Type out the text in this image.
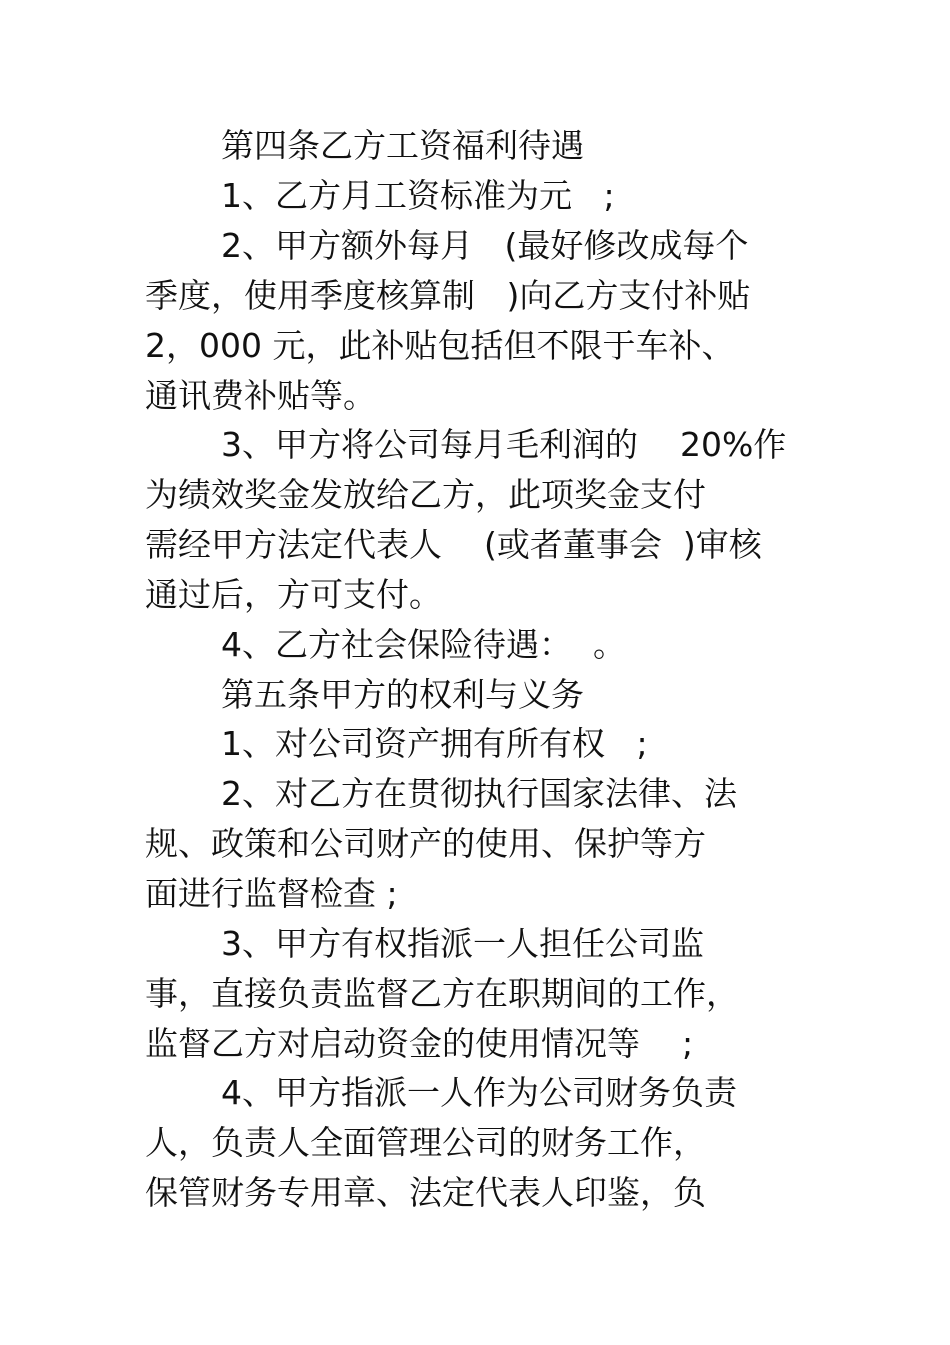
第四条乙方工资福利待遇
1、乙方月工资标准为元   ;
2、甲方额外每月   (最好修改成每个
季度，使用季度核算制   )向乙方支付补贴
2，000 元，此补贴包括但不限于车补、
通讯费补贴等。
3、甲方将公司每月毛利润的    20%作
为绩效奖金发放给乙方，此项奖金支付
需经甲方法定代表人    (或者董事会  )审核
通过后，方可支付。
4、乙方社会保险待遇：  。
第五条甲方的权利与义务
1、对公司资产拥有所有权   ;
2、对乙方在贯彻执行国家法律、法
规、政策和公司财产的使用、保护等方
面进行监督检查 ;
3、甲方有权指派一人担任公司监
事，直接负责监督乙方在职期间的工作，
监督乙方对启动资金的使用情况等    ;
4、甲方指派一人作为公司财务负责
人，负责人全面管理公司的财务工作，
保管财务专用章、法定代表人印鉴，负
